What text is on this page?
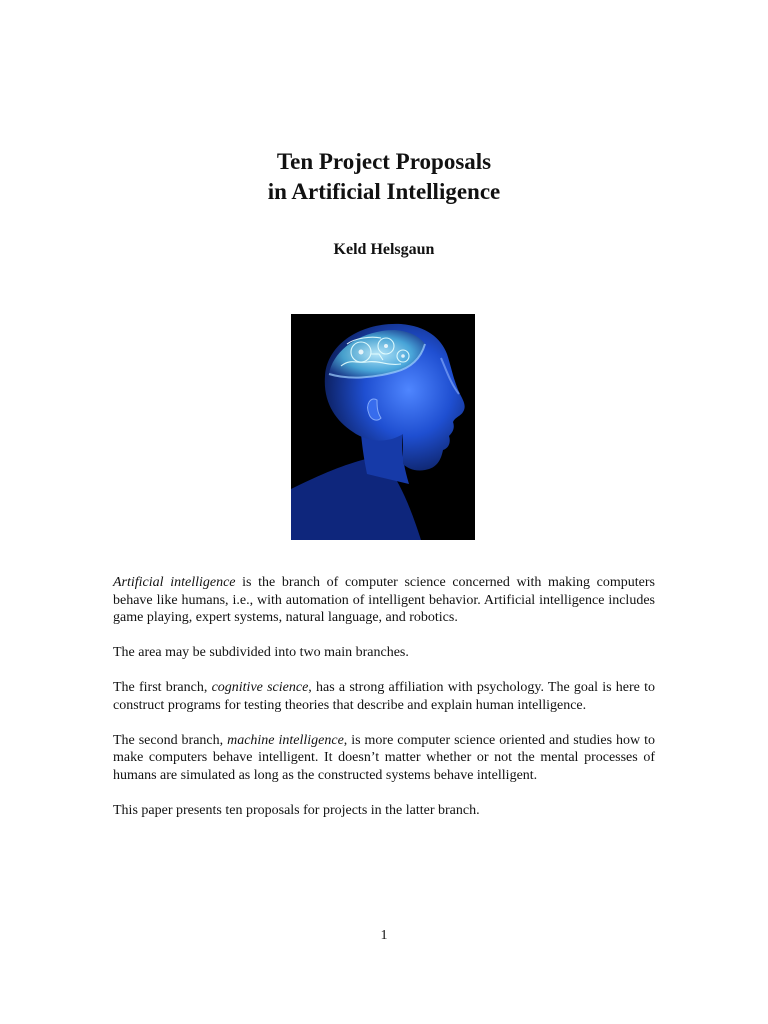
Ten Project Proposals
in Artificial Intelligence
Keld Helsgaun

Artificial intelligence is the branch of computer science concerned with making computers behave like humans, i.e., with automation of intelligent behavior. Artificial intelligence includes game playing, expert systems, natural language, and robotics.

The area may be subdivided into two main branches.

The first branch, cognitive science, has a strong affiliation with psychology. The goal is here to construct programs for testing theories that describe and explain human intelligence.

The second branch, machine intelligence, is more computer science oriented and studies how to make computers behave intelligent. It doesn’t matter whether or not the mental processes of humans are simulated as long as the constructed systems behave intelligent.

This paper presents ten proposals for projects in the latter branch.

1
